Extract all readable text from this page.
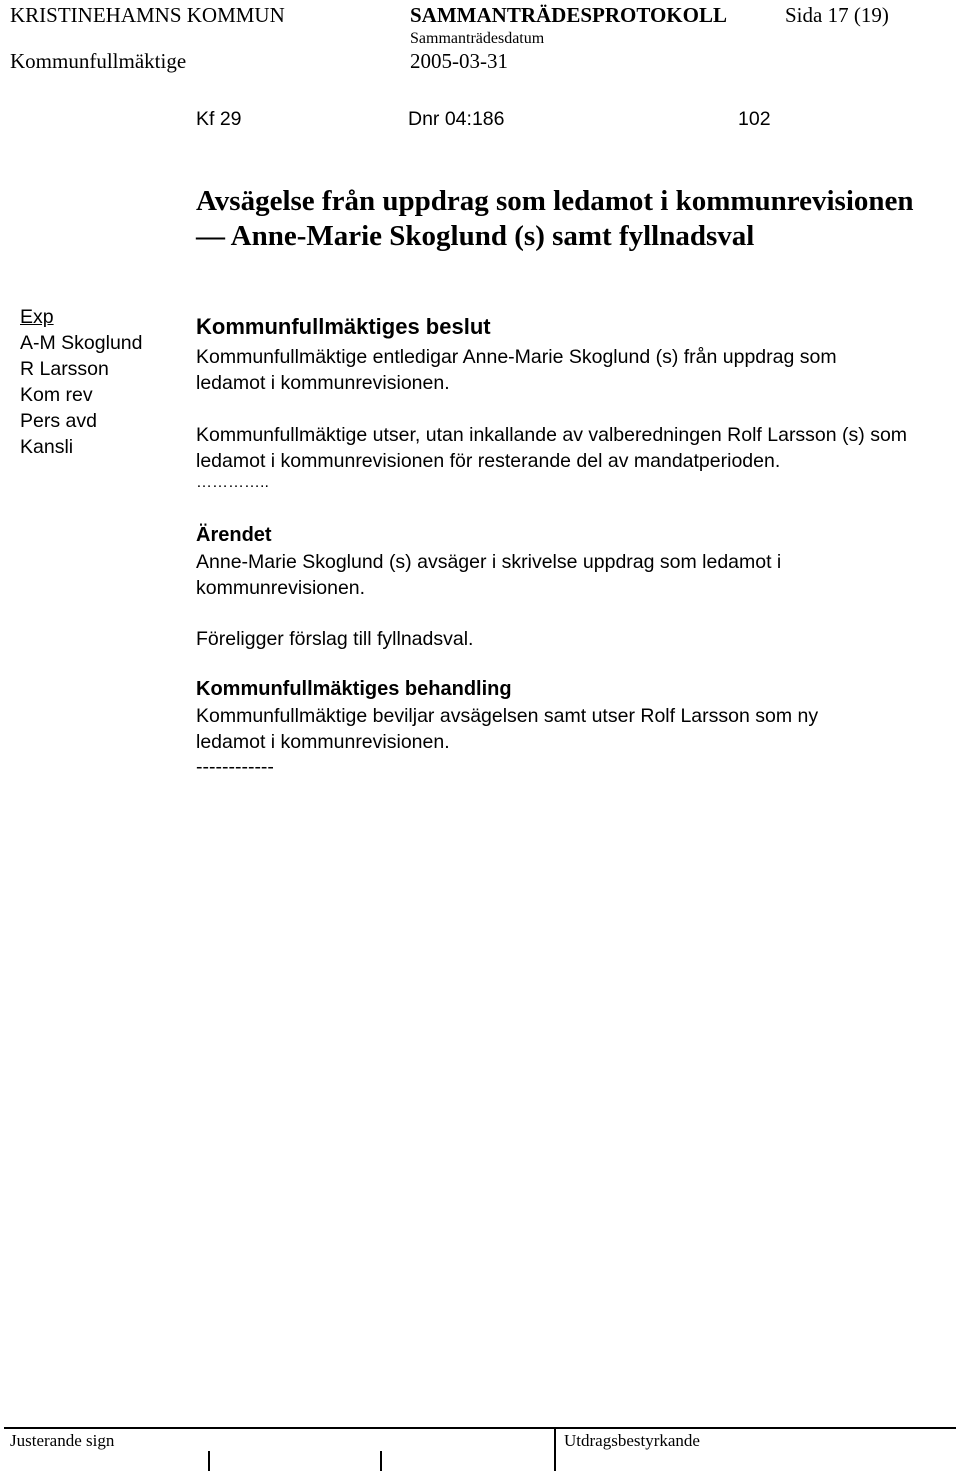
KRISTINEHAMNS KOMMUN	SAMMANTRÄDESPROTOKOLL	Sida 17 (19)
Kommunfullmäktige
Sammanträdesdatum
2005-03-31
Kf 29	Dnr 04:186	102
Avsägelse från uppdrag som ledamot i kommunrevisionen — Anne-Marie Skoglund (s) samt fyllnadsval
Exp
A-M Skoglund
R Larsson
Kom rev
Pers avd
Kansli
Kommunfullmäktiges beslut
Kommunfullmäktige entledigar Anne-Marie Skoglund (s) från uppdrag som ledamot i kommunrevisionen.
Kommunfullmäktige utser, utan inkallande av valberedningen Rolf Larsson (s) som ledamot i kommunrevisionen för resterande del av mandatperioden.
…………..
Ärendet
Anne-Marie Skoglund (s) avsäger i skrivelse uppdrag som ledamot i kommunrevisionen.
Föreligger förslag till fyllnadsval.
Kommunfullmäktiges behandling
Kommunfullmäktige beviljar avsägelsen samt utser Rolf Larsson som ny ledamot i kommunrevisionen.
------------
Justerande sign	Utdragsbestyrkande
